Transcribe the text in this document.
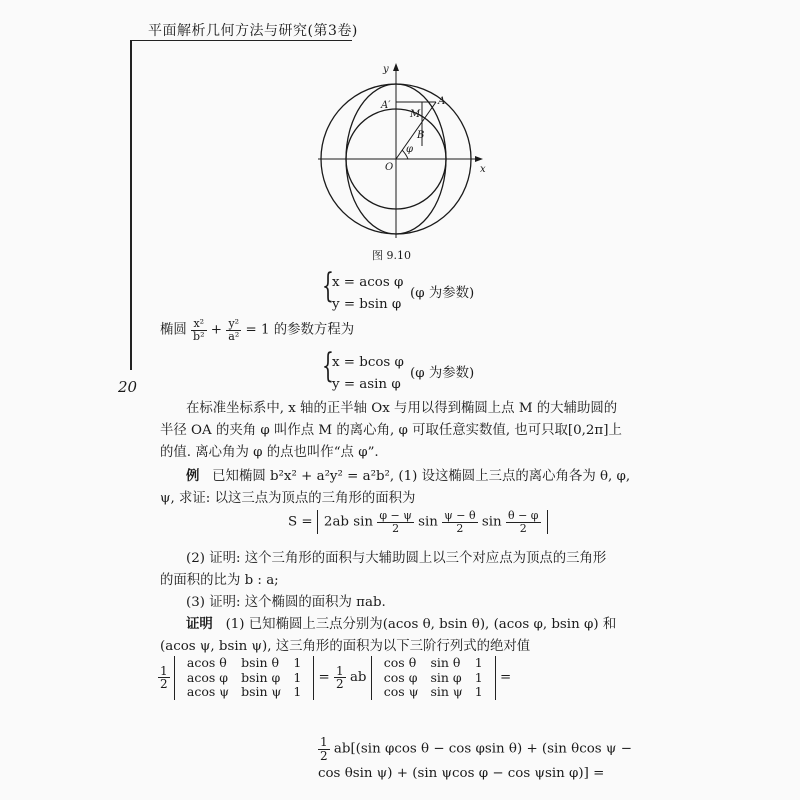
平面解析几何方法与研究(第3卷)
20
y
x
O
A′	A
M
B
φ
图 9.10
{
x = acos φ
y = bsin φ
(φ 为参数)
椭圆 $\frac{\text{x²}}{\text{b²}} + \frac{\text{y²}}{\text{a²}} = 1$ 的参数方程为
{
x = bcos φ
y = asin φ
(φ 为参数)
在标准坐标系中, x 轴的正半轴 Ox 与用以得到椭圆上点 M 的大辅助圆的
半径 OA 的夹角 φ 叫作点 M 的离心角, φ 可取任意实数值, 也可只取[0,2π]上
的值. 离心角为 φ 的点也叫作“点 φ”.
例 已知椭圆 b²x² + a²y² = a²b², (1) 设这椭圆上三点的离心角各为 θ, φ,
ψ, 求证: 以这三点为顶点的三角形的面积为
S = 2ab $\sin \frac{\varphi - \psi}{2}$ $\sin \frac{\psi - \theta}{2}$ $\sin \frac{\theta - \varphi}{2}$
(2) 证明: 这个三角形的面积与大辅助圆上以三个对应点为顶点的三角形
的面积的比为 b : a;
(3) 证明: 这个椭圆的面积为 πab.
证明 (1) 已知椭圆上三点分别为(acos θ, bsin θ), (acos φ, bsin φ) 和
(acos ψ, bsin ψ), 这三角形的面积为以下三阶行列式的绝对值
$\frac{1}{2}$

acos θ	bsin θ	1
acos φ	bsin φ	1
acos ψ	bsin ψ	1
= $\frac{1}{2}$ ab
cos θ	sin θ	1
cos φ	sin φ	1
cos ψ	sin ψ	1
=
$\frac{1}{2} ab[(\sin$ φcos θ − cos φsin θ) + (sin θcos ψ −
cos θsin ψ) + (sin ψcos φ − cos ψsin φ)] =
